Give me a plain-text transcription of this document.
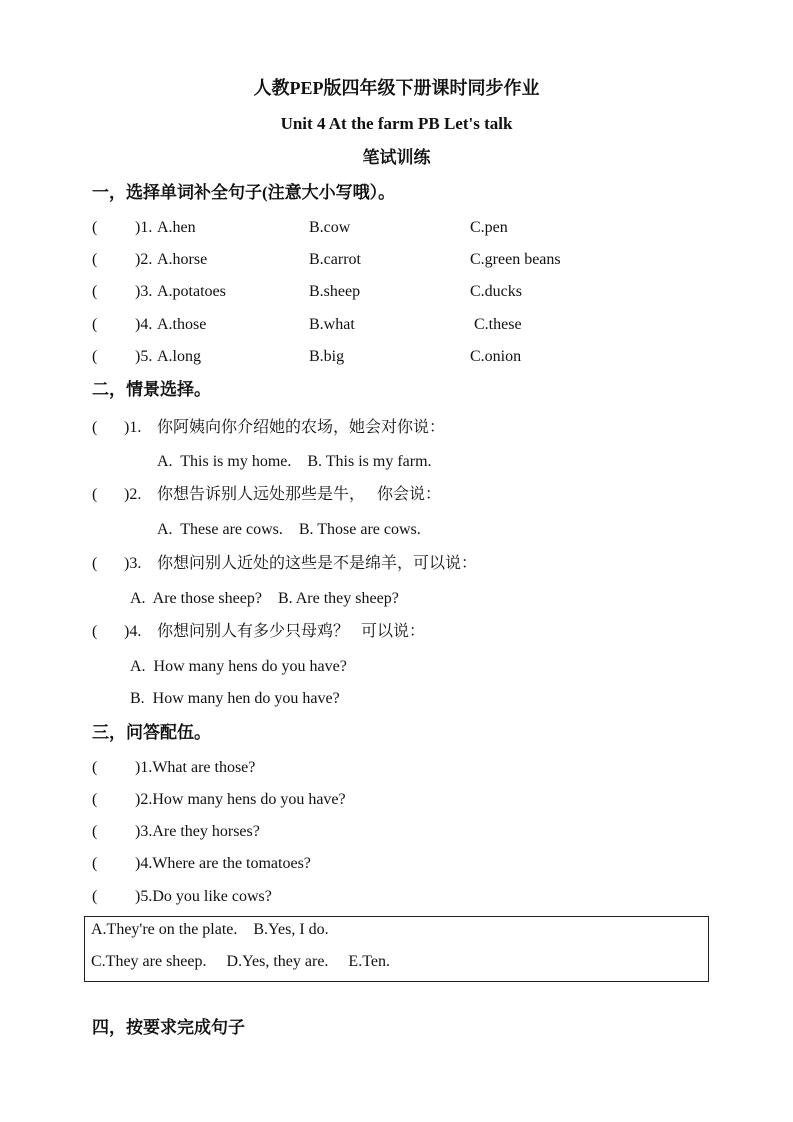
人教PEP版四年级下册课时同步作业
Unit 4 At the farm PB Let's talk
笔试训练
一，选择单词补全句子(注意大小写哦）。
( )1. A.hen	B.cow	C.pen
( )2. A.horse	B.carrot	C.green beans
( )3. A.potatoes	B.sheep	C.ducks
( )4. A.those	B.what	C.these
( )5. A.long	B.big	C.onion
二，情景选择。
( )1. 你阿姨向你介绍她的农场，她会对你说：
A.  This is my home.    B. This is my farm.
( )2. 你想告诉别人远处那些是牛，   你会说：
A.  These are cows.    B. Those are cows.
( )3. 你想问别人近处的这些是不是绵羊，可以说：
A.  Are those sheep?    B. Are they sheep?
( )4. 你想问别人有多少只母鸡？   可以说：
A.  How many hens do you have?
B.  How many hen do you have?
三，问答配伍。
( )1.What are those?
( )2.How many hens do you have?
( )3.Are they horses?
( )4.Where are the tomatoes?
( )5.Do you like cows?
A.They're on the plate.    B.Yes, I do.
C.They are sheep.     D.Yes, they are.     E.Ten.
四，按要求完成句子
